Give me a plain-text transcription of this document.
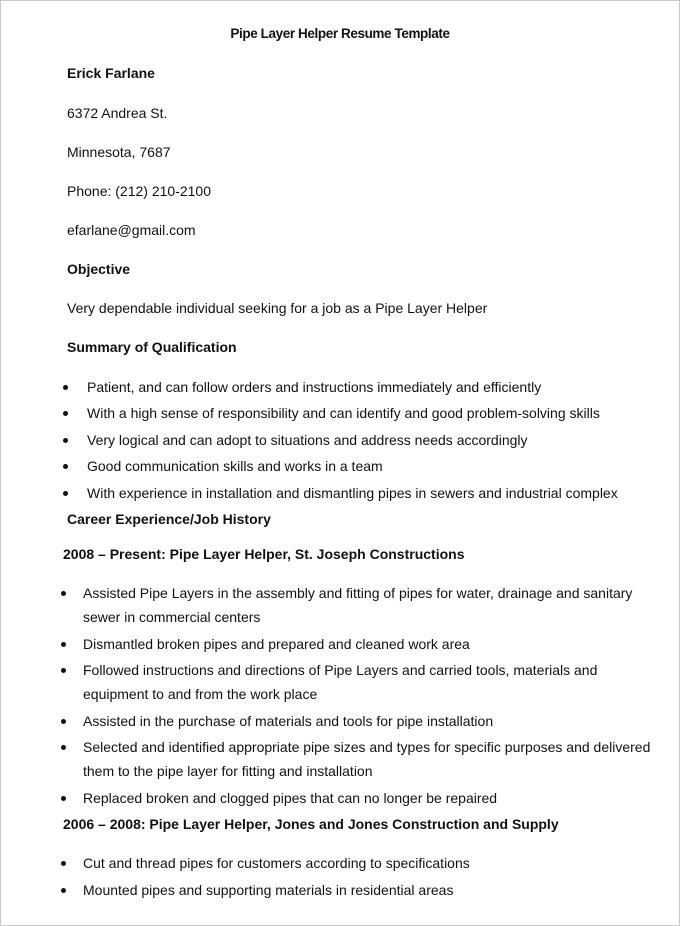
Pipe Layer Helper Resume Template
Erick Farlane
6372 Andrea St.
Minnesota, 7687
Phone: (212) 210-2100
efarlane@gmail.com
Objective
Very dependable individual seeking for a job as a Pipe Layer Helper
Summary of Qualification
Patient, and can follow orders and instructions immediately and efficiently
With a high sense of responsibility and can identify and good problem-solving skills
Very logical and can adopt to situations and address needs accordingly
Good communication skills and works in a team
With experience in installation and dismantling pipes in sewers and industrial complex
Career Experience/Job History
2008 – Present: Pipe Layer Helper, St. Joseph Constructions
Assisted Pipe Layers in the assembly and fitting of pipes for water, drainage and sanitary
sewer in commercial centers
Dismantled broken pipes and prepared and cleaned work area
Followed instructions and directions of Pipe Layers and carried tools, materials and
equipment to and from the work place
Assisted in the purchase of materials and tools for pipe installation
Selected and identified appropriate pipe sizes and types for specific purposes and delivered
them to the pipe layer for fitting and installation
Replaced broken and clogged pipes that can no longer be repaired
2006 – 2008: Pipe Layer Helper, Jones and Jones Construction and Supply
Cut and thread pipes for customers according to specifications
Mounted pipes and supporting materials in residential areas
